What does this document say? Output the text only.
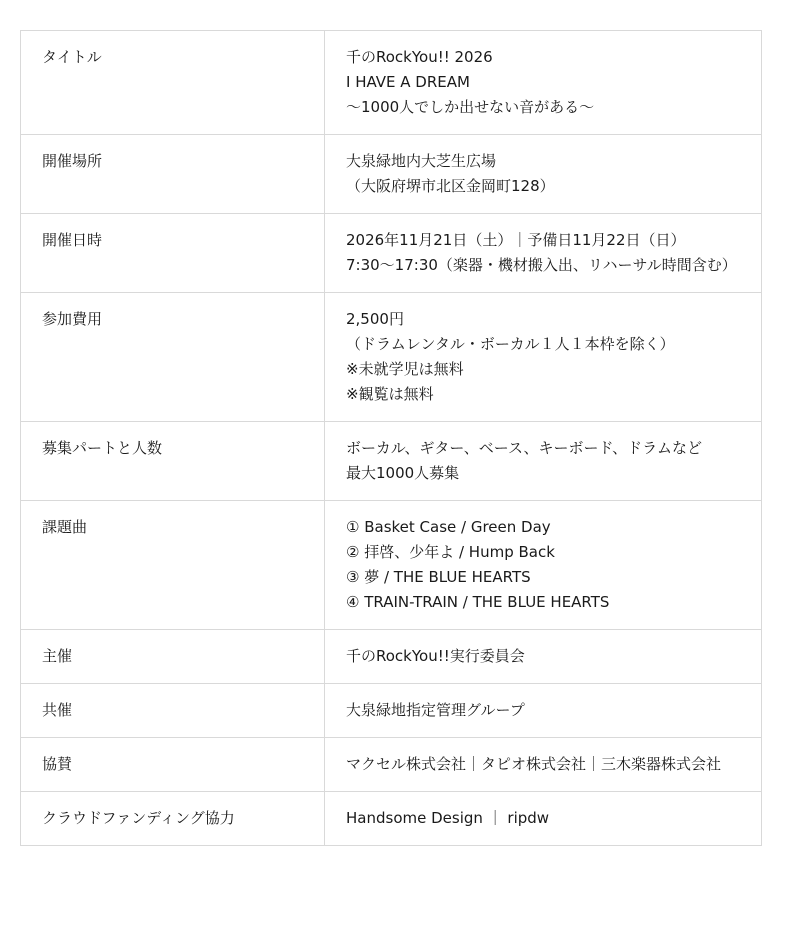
タイトル	千のRockYou!! 2026
I HAVE A DREAM
〜1000人でしか出せない音がある〜

開催場所	大泉緑地内大芝生広場
（大阪府堺市北区金岡町128）

開催日時	2026年11月21日（土）｜予備日11月22日（日）
7:30〜17:30（楽器・機材搬入出、リハーサル時間含む）

参加費用	2,500円
（ドラムレンタル・ボーカル１人１本枠を除く）
※未就学児は無料
※観覧は無料

募集パートと人数	ボーカル、ギター、ベース、キーボード、ドラムなど
最大1000人募集

課題曲	① Basket Case / Green Day
② 拝啓、少年よ / Hump Back
③ 夢 / THE BLUE HEARTS
④ TRAIN-TRAIN / THE BLUE HEARTS

主催	千のRockYou!!実行委員会

共催	大泉緑地指定管理グループ

協賛	マクセル株式会社｜タピオ株式会社｜三木楽器株式会社

クラウドファンディング協力	Handsome Design ｜ ripdw
